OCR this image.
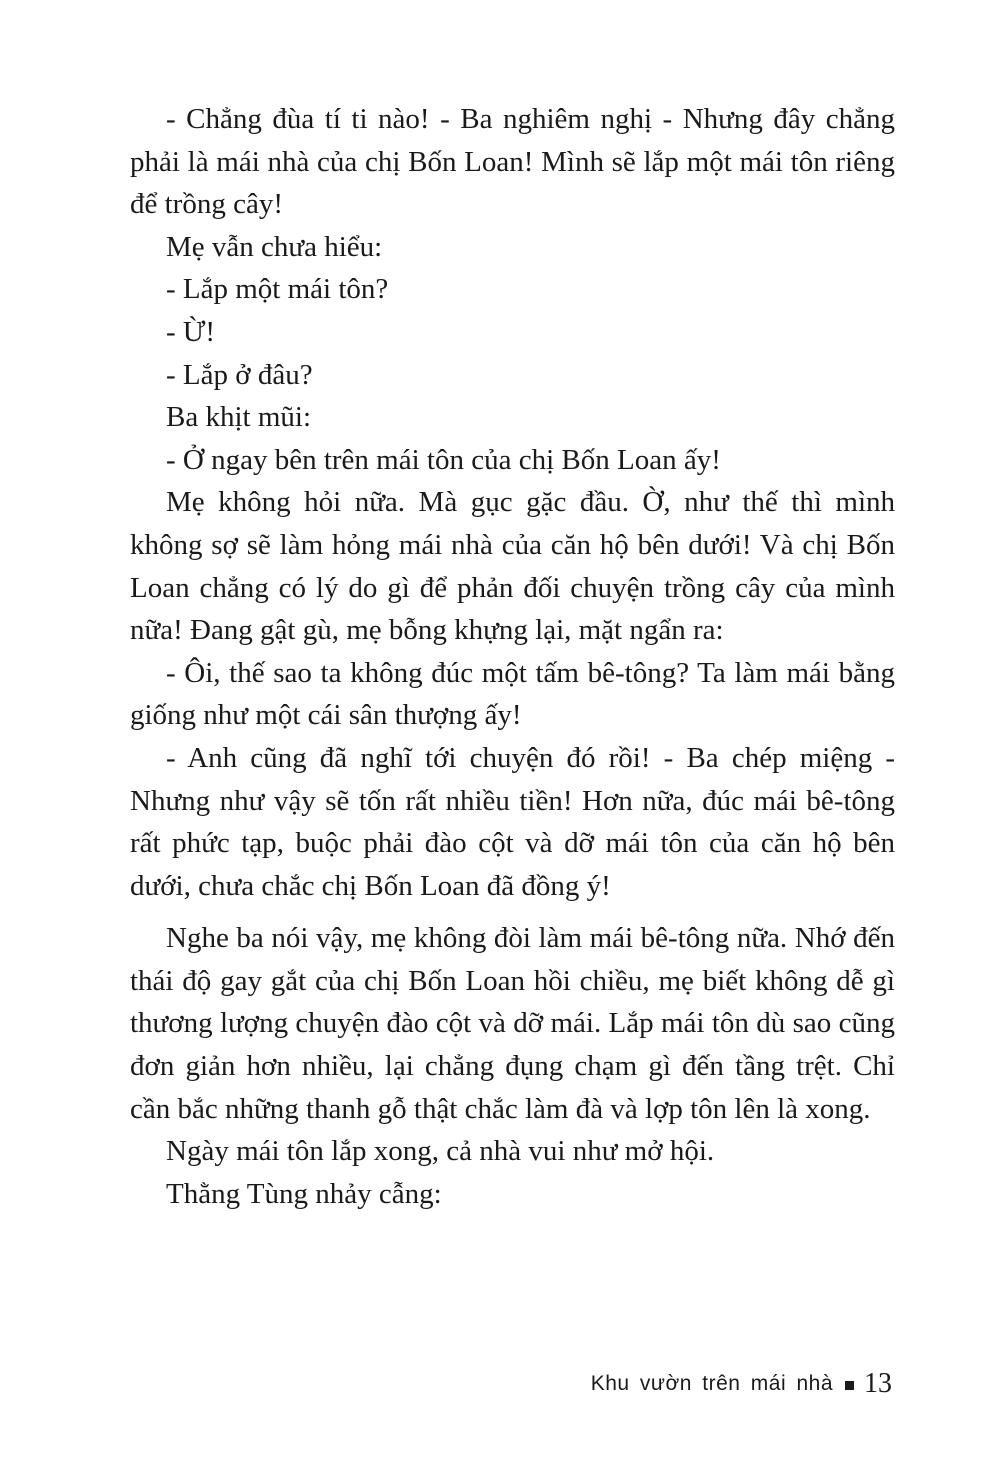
- Chẳng đùa tí ti nào! - Ba nghiêm nghị - Nhưng đây chẳng phải là mái nhà của chị Bốn Loan! Mình sẽ lắp một mái tôn riêng để trồng cây!

Mẹ vẫn chưa hiểu:

- Lắp một mái tôn?

- Ừ!

- Lắp ở đâu?

Ba khịt mũi:

- Ở ngay bên trên mái tôn của chị Bốn Loan ấy!

Mẹ không hỏi nữa. Mà gục gặc đầu. Ờ, như thế thì mình không sợ sẽ làm hỏng mái nhà của căn hộ bên dưới! Và chị Bốn Loan chẳng có lý do gì để phản đối chuyện trồng cây của mình nữa! Đang gật gù, mẹ bỗng khựng lại, mặt ngẩn ra:

- Ôi, thế sao ta không đúc một tấm bê-tông? Ta làm mái bằng giống như một cái sân thượng ấy!

- Anh cũng đã nghĩ tới chuyện đó rồi! - Ba chép miệng - Nhưng như vậy sẽ tốn rất nhiều tiền! Hơn nữa, đúc mái bê-tông rất phức tạp, buộc phải đào cột và dỡ mái tôn của căn hộ bên dưới, chưa chắc chị Bốn Loan đã đồng ý!

Nghe ba nói vậy, mẹ không đòi làm mái bê-tông nữa. Nhớ đến thái độ gay gắt của chị Bốn Loan hồi chiều, mẹ biết không dễ gì thương lượng chuyện đào cột và dỡ mái. Lắp mái tôn dù sao cũng đơn giản hơn nhiều, lại chẳng đụng chạm gì đến tầng trệt. Chỉ cần bắc những thanh gỗ thật chắc làm đà và lợp tôn lên là xong.

Ngày mái tôn lắp xong, cả nhà vui như mở hội.

Thằng Tùng nhảy cẫng:

Khu vườn trên mái nhà 13
